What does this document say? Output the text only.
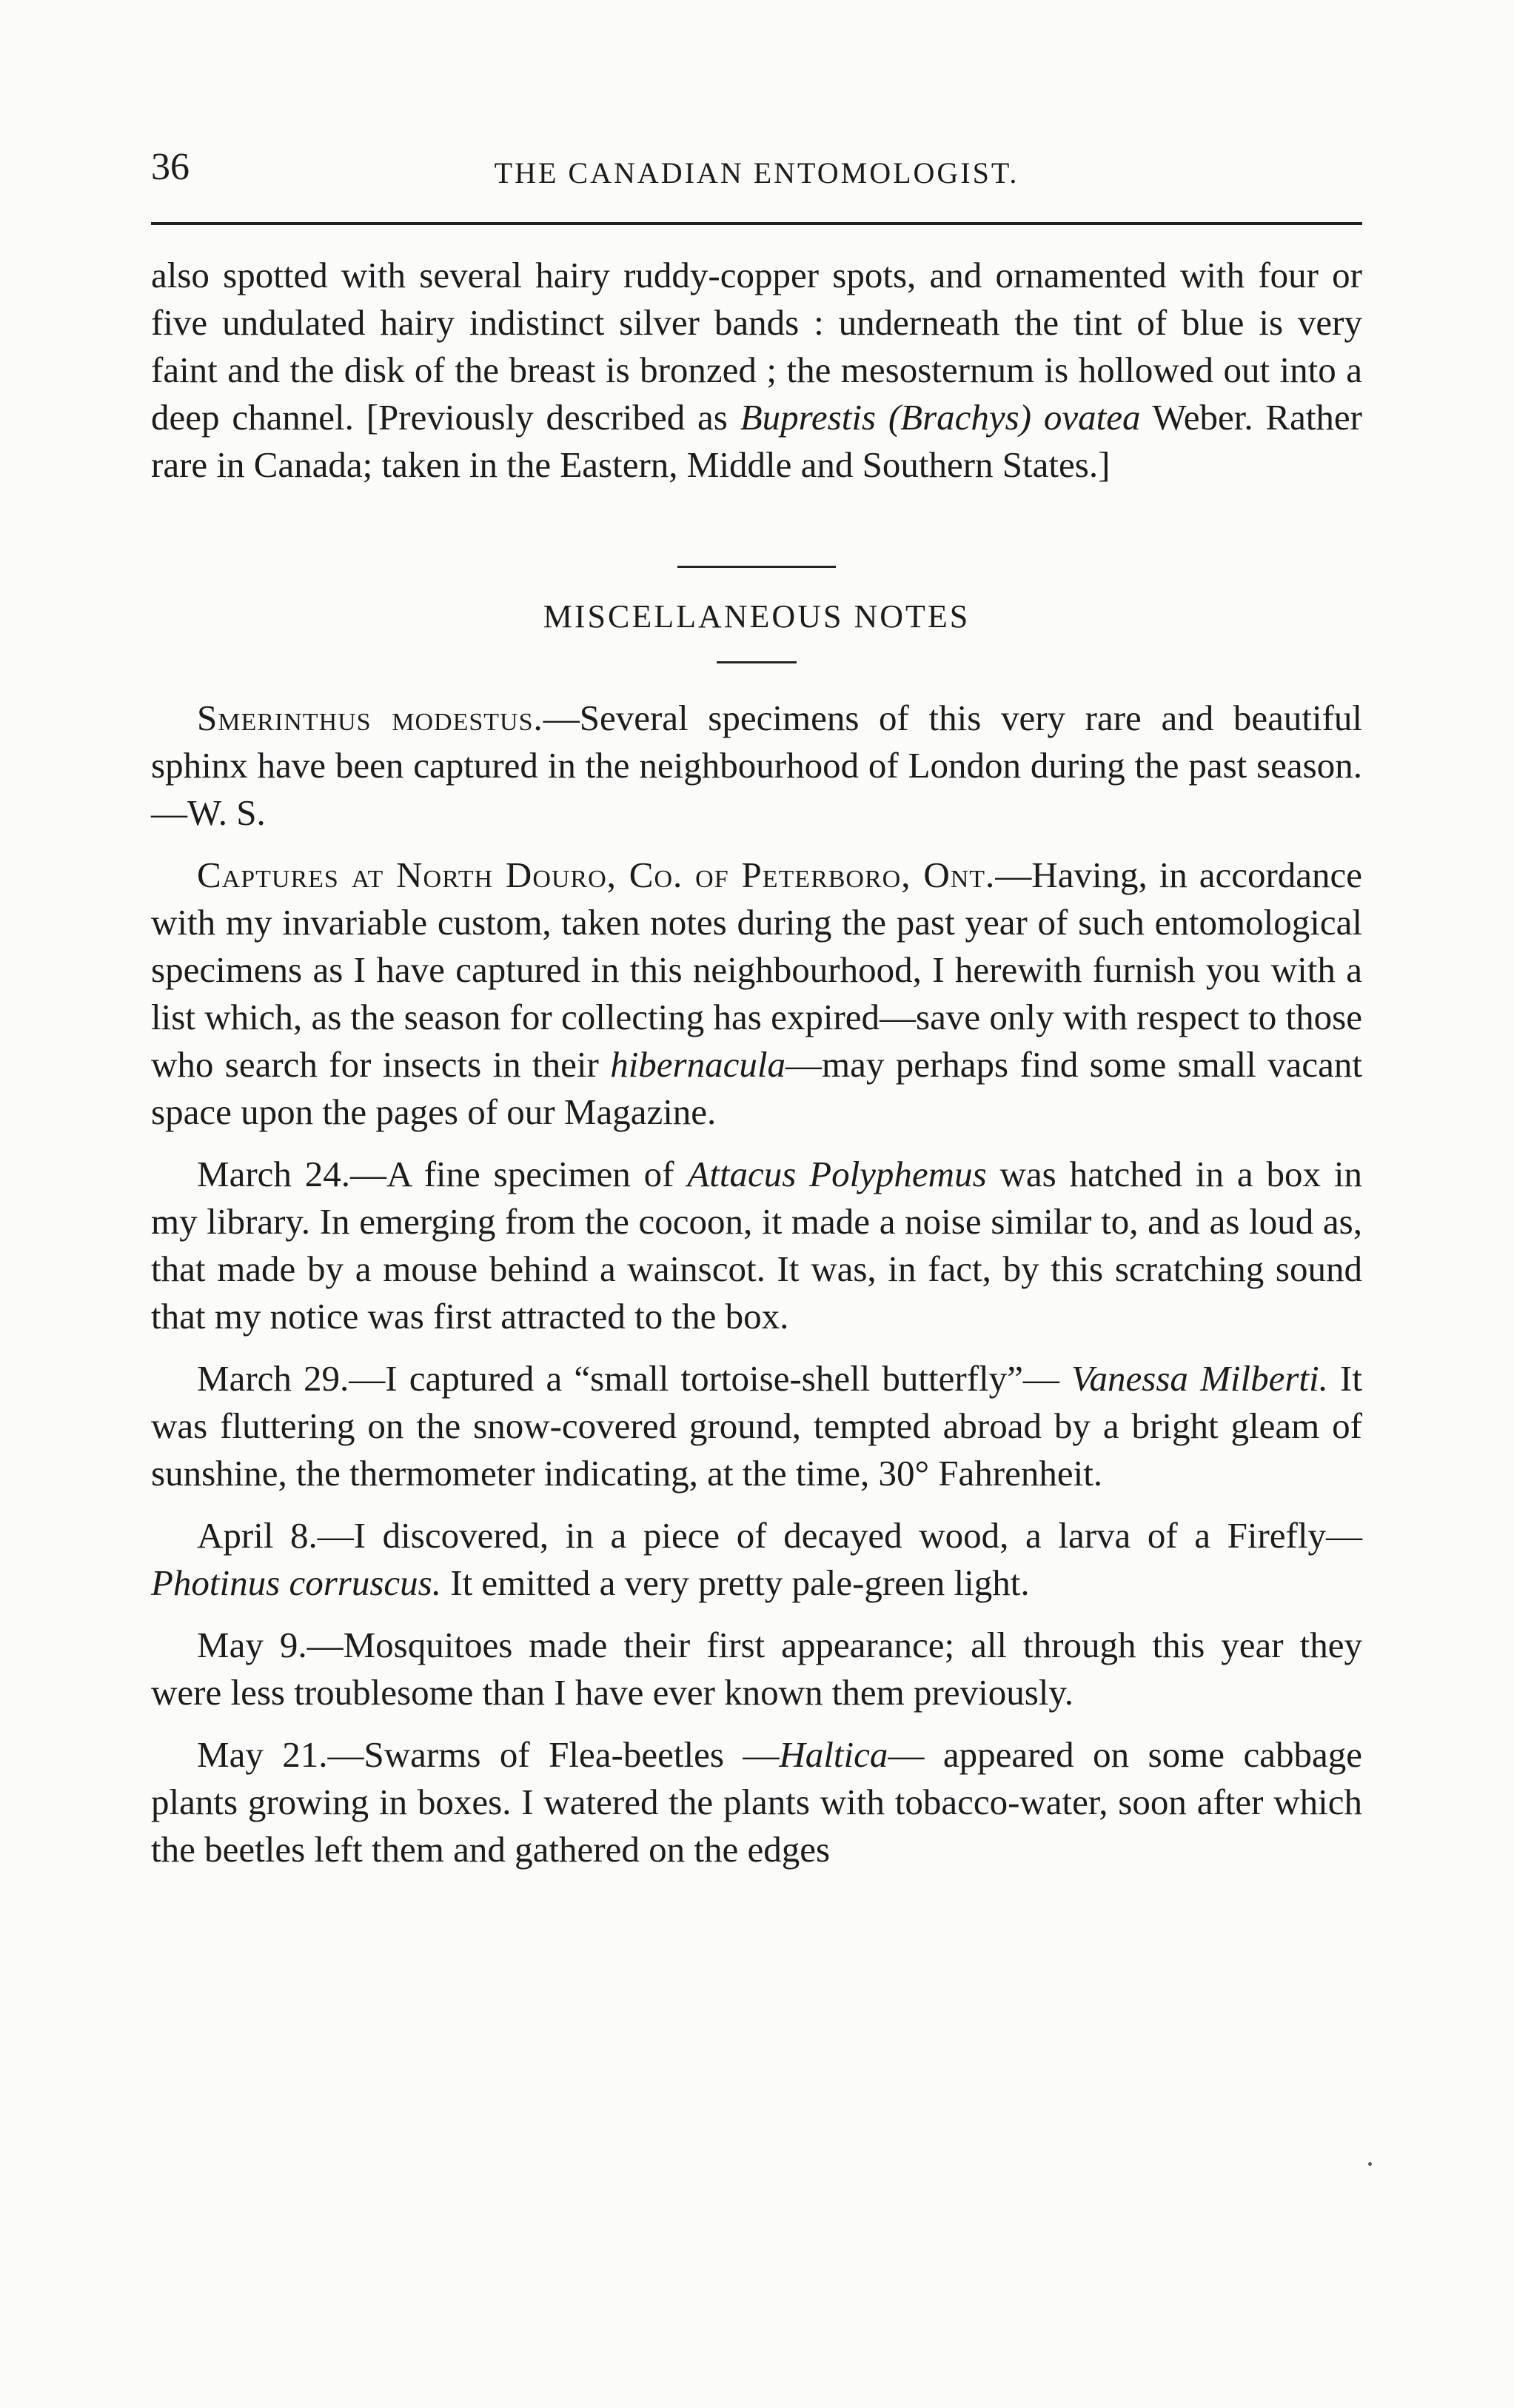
36	THE CANADIAN ENTOMOLOGIST.

also spotted with several hairy ruddy-copper spots, and ornamented with four or five undulated hairy indistinct silver bands : underneath the tint of blue is very faint and the disk of the breast is bronzed ; the mesosternum is hollowed out into a deep channel. [Previously described as Buprestis (Brachys) ovatea Weber. Rather rare in Canada; taken in the Eastern, Middle and Southern States.]

MISCELLANEOUS NOTES

Smerinthus modestus.—Several specimens of this very rare and beautiful sphinx have been captured in the neighbourhood of London during the past season.—W. S.

Captures at North Douro, Co. of Peterboro, Ont.—Having, in accordance with my invariable custom, taken notes during the past year of such entomological specimens as I have captured in this neighbourhood, I herewith furnish you with a list which, as the season for collecting has expired—save only with respect to those who search for insects in their hibernacula—may perhaps find some small vacant space upon the pages of our Magazine.

March 24.—A fine specimen of Attacus Polyphemus was hatched in a box in my library. In emerging from the cocoon, it made a noise similar to, and as loud as, that made by a mouse behind a wainscot. It was, in fact, by this scratching sound that my notice was first attracted to the box.

March 29.—I captured a “small tortoise-shell butterfly”— Vanessa Milberti. It was fluttering on the snow-covered ground, tempted abroad by a bright gleam of sunshine, the thermometer indicating, at the time, 30° Fahrenheit.

April 8.—I discovered, in a piece of decayed wood, a larva of a Firefly—Photinus corruscus. It emitted a very pretty pale-green light.

May 9.—Mosquitoes made their first appearance; all through this year they were less troublesome than I have ever known them previously.

May 21.—Swarms of Flea-beetles —Haltica— appeared on some cabbage plants growing in boxes. I watered the plants with tobacco-water, soon after which the beetles left them and gathered on the edges
